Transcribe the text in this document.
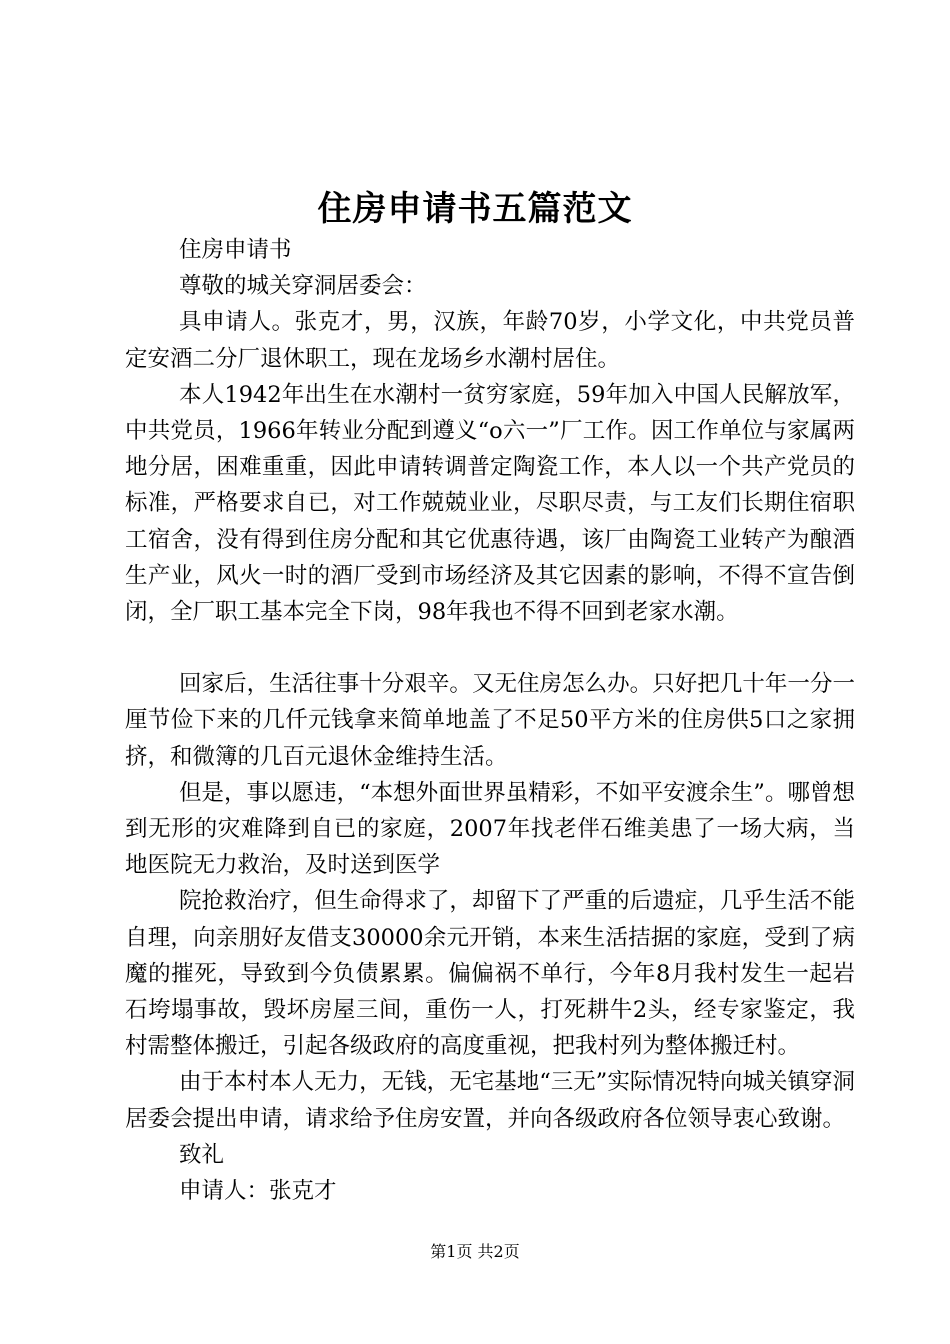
住房申请书五篇范文

住房申请书

尊敬的城关穿洞居委会：

具申请人。张克才，男，汉族，年龄70岁，小学文化，中共党员普定安酒二分厂退休职工，现在龙场乡水潮村居住。

本人1942年出生在水潮村一贫穷家庭，59年加入中国人民解放军，中共党员，1966年转业分配到遵义“o六一”厂工作。因工作单位与家属两地分居，困难重重，因此申请转调普定陶瓷工作，本人以一个共产党员的标准，严格要求自已，对工作兢兢业业，尽职尽责，与工友们长期住宿职工宿舍，没有得到住房分配和其它优惠待遇，该厂由陶瓷工业转产为酿酒生产业，风火一时的酒厂受到市场经济及其它因素的影响，不得不宣告倒闭，全厂职工基本完全下岗，98年我也不得不回到老家水潮。

回家后，生活往事十分艰辛。又无住房怎么办。只好把几十年一分一厘节俭下来的几仟元钱拿来简单地盖了不足50平方米的住房供5口之家拥挤，和微簿的几百元退休金维持生活。

但是，事以愿违，“本想外面世界虽精彩，不如平安渡余生”。哪曾想到无形的灾难降到自已的家庭，2007年找老伴石维美患了一场大病，当地医院无力救治，及时送到医学

院抢救治疗，但生命得求了，却留下了严重的后遗症，几乎生活不能自理，向亲朋好友借支30000余元开销，本来生活拮据的家庭，受到了病魔的摧死，导致到今负债累累。偏偏祸不单行，今年8月我村发生一起岩石垮塌事故，毁坏房屋三间，重伤一人，打死耕牛2头，经专家鉴定，我村需整体搬迁，引起各级政府的高度重视，把我村列为整体搬迁村。

由于本村本人无力，无钱，无宅基地“三无”实际情况特向城关镇穿洞居委会提出申请，请求给予住房安置，并向各级政府各位领导衷心致谢。

致礼

申请人：张克才

第1页 共2页
